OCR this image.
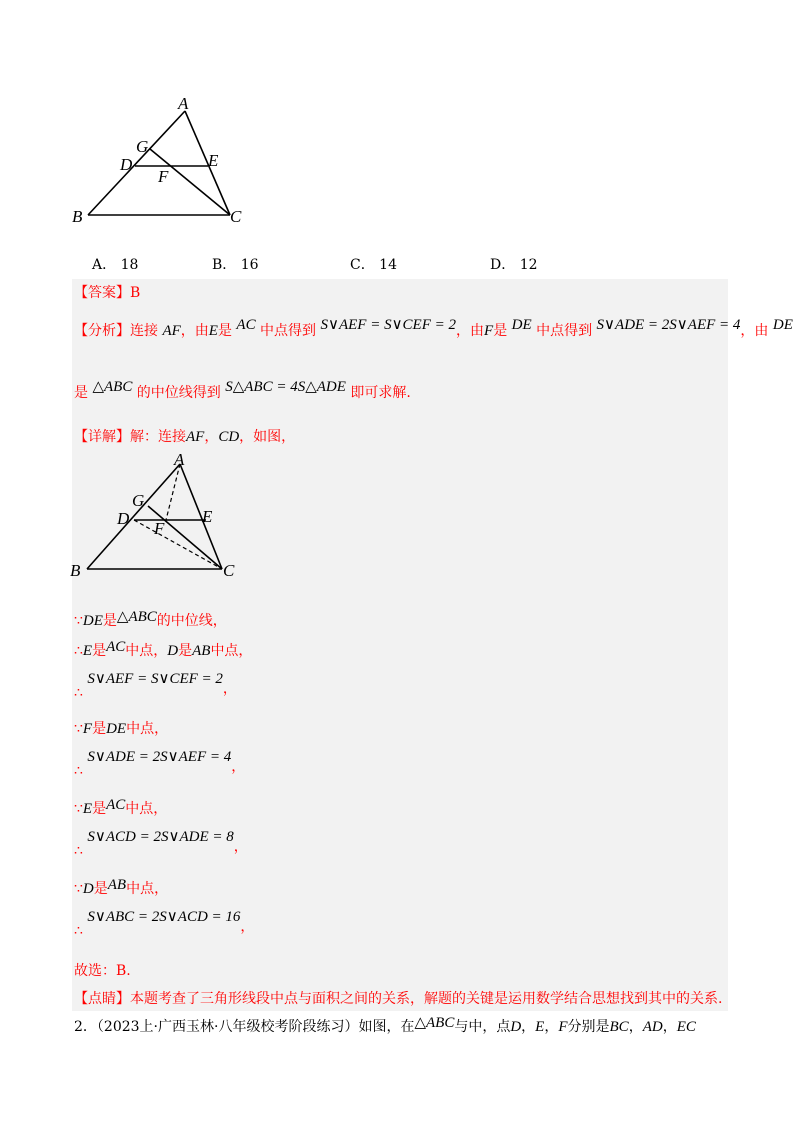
A
B	C
D	E
F
G
A． 18	B． 16	C． 14	D． 12
【答案】B
【分析】连接 AF，由E是 AC 中点得到 S∨AEF = S∨CEF = 2，由F是 DE 中点得到 S∨ADE = 2S∨AEF = 4，由 DE
是 △ABC 的中位线得到 S△ABC = 4S△ADE 即可求解.
【详解】解：连接AF，CD，如图，
A
B	C
D	E
F
G
∵DE是△ABC的中位线，
∴E是AC中点，D是AB中点，
∴ S∨AEF = S∨CEF = 2，
∵F是DE中点，
∴ S∨ADE = 2S∨AEF = 4，
∵E是AC中点，
∴ S∨ACD = 2S∨ADE = 8，
∵D是AB中点，
∴ S∨ABC = 2S∨ACD = 16，
故选：B.
【点睛】本题考查了三角形线段中点与面积之间的关系，解题的关键是运用数学结合思想找到其中的关系.
2．（2023上·广西玉林·八年级校考阶段练习）如图，在△ABC与中，点D，E，F分别是BC，AD，EC
